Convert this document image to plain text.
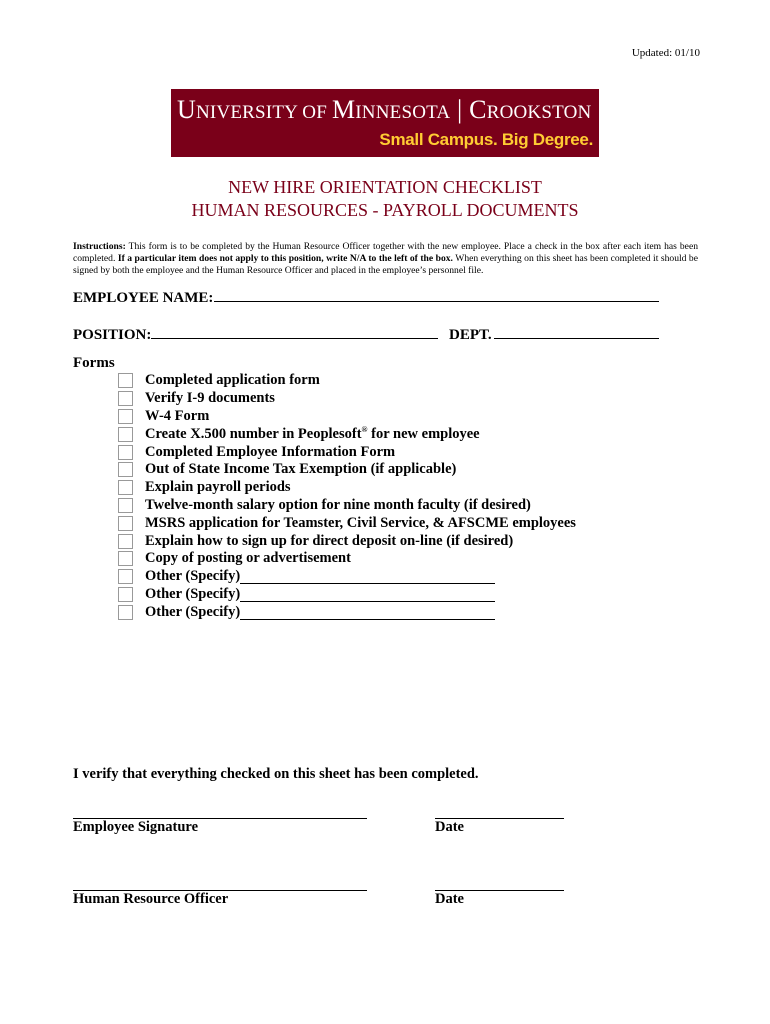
Updated: 01/10
UNIVERSITY OF MINNESOTA | CROOKSTON
Small Campus. Big Degree.
NEW HIRE ORIENTATION CHECKLIST
HUMAN RESOURCES - PAYROLL DOCUMENTS
Instructions: This form is to be completed by the Human Resource Officer together with the new employee. Place a check in the box after each item has been completed. If a particular item does not apply to this position, write N/A to the left of the box. When everything on this sheet has been completed it should be signed by both the employee and the Human Resource Officer and placed in the employee’s personnel file.
EMPLOYEE NAME:
POSITION:	DEPT.
Forms
Completed application form
Verify I-9 documents
W-4 Form
Create X.500 number in Peoplesoft® for new employee
Completed Employee Information Form
Out of State Income Tax Exemption (if applicable)
Explain payroll periods
Twelve-month salary option for nine month faculty (if desired)
MSRS application for Teamster, Civil Service, & AFSCME employees
Explain how to sign up for direct deposit on-line (if desired)
Copy of posting or advertisement
Other (Specify)
Other (Specify)
Other (Specify)
I verify that everything checked on this sheet has been completed.
Employee Signature	Date
Human Resource Officer	Date
